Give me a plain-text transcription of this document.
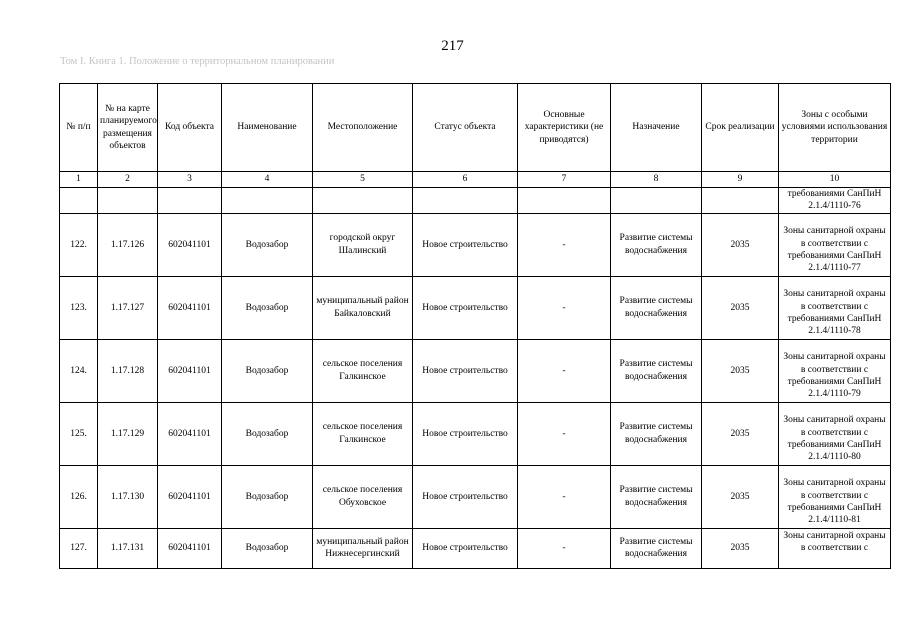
217
Том I. Книга 1. Положение о территориальном планировании
№ п/п	№ на карте планируемого размещения объектов	Код объекта	Наименование	Местоположение	Статус объекта	Основные характеристики (не приводятся)	Назначение	Срок реализации	Зоны с особыми условиями использования территории
1	2	3	4	5	6	7	8	9	10
									требованиями СанПиН 2.1.4/1110-76
122.	1.17.126	602041101	Водозабор	городской округ Шалинский	Новое строительство	-	Развитие системы водоснабжения	2035	Зоны санитарной охраны в соответствии с требованиями СанПиН 2.1.4/1110-77
123.	1.17.127	602041101	Водозабор	муниципальный район Байкаловский	Новое строительство	-	Развитие системы водоснабжения	2035	Зоны санитарной охраны в соответствии с требованиями СанПиН 2.1.4/1110-78
124.	1.17.128	602041101	Водозабор	сельское поселения Галкинское	Новое строительство	-	Развитие системы водоснабжения	2035	Зоны санитарной охраны в соответствии с требованиями СанПиН 2.1.4/1110-79
125.	1.17.129	602041101	Водозабор	сельское поселения Галкинское	Новое строительство	-	Развитие системы водоснабжения	2035	Зоны санитарной охраны в соответствии с требованиями СанПиН 2.1.4/1110-80
126.	1.17.130	602041101	Водозабор	сельское поселения Обуховское	Новое строительство	-	Развитие системы водоснабжения	2035	Зоны санитарной охраны в соответствии с требованиями СанПиН 2.1.4/1110-81
127.	1.17.131	602041101	Водозабор	муниципальный район Нижнесергинский	Новое строительство	-	Развитие системы водоснабжения	2035	Зоны санитарной охраны в соответствии с
